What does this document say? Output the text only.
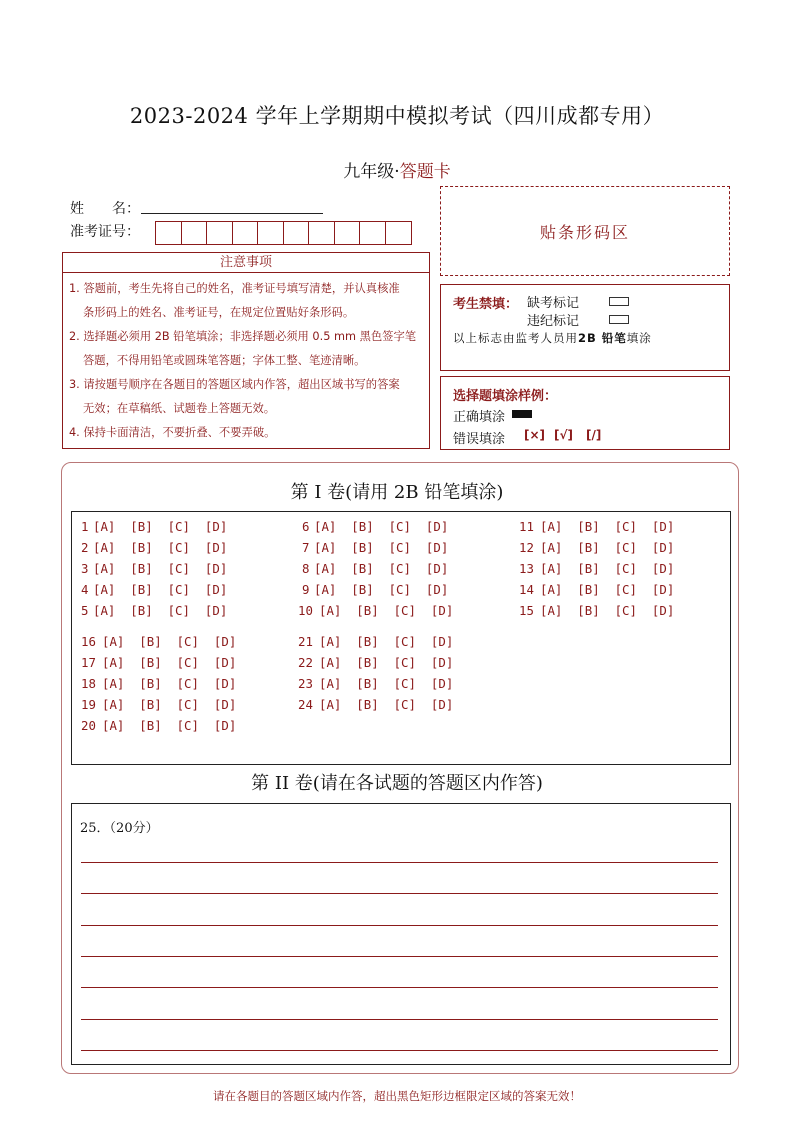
2023-2024 学年上学期期中模拟考试（四川成都专用）
九年级·答题卡
姓　　名：
准考证号：	贴条形码区
注意事项

1. 答题前，考生先将自己的姓名，准考证号填写清楚，并认真核准

条形码上的姓名、准考证号，在规定位置贴好条形码。

2. 选择题必须用 2B 铅笔填涂；非选择题必须用 0.5 mm 黑色签字笔

答题，不得用铅笔或圆珠笔答题；字体工整、笔迹清晰。

3. 请按题号顺序在各题目的答题区域内作答，超出区域书写的答案

无效；在草稿纸、试题卷上答题无效。

4. 保持卡面清洁，不要折叠、不要弄破。

考生禁填： 缺考标记
违纪标记
以上标志由监考人员用2B 铅笔填涂
选择题填涂样例：
正确填涂
错误填涂 [×] [√] [/]
第 I 卷(请用 2B 铅笔填涂)
1 [A]  [B]  [C]  [D]
2 [A]  [B]  [C]  [D]
3 [A]  [B]  [C]  [D]
4 [A]  [B]  [C]  [D]
5 [A]  [B]  [C]  [D]
6 [A]  [B]  [C]  [D]
7 [A]  [B]  [C]  [D]
8 [A]  [B]  [C]  [D]
9 [A]  [B]  [C]  [D]
10 [A]  [B]  [C]  [D]
11 [A]  [B]  [C]  [D]
12 [A]  [B]  [C]  [D]
13 [A]  [B]  [C]  [D]
14 [A]  [B]  [C]  [D]
15 [A]  [B]  [C]  [D]
16 [A]  [B]  [C]  [D]
17 [A]  [B]  [C]  [D]
18 [A]  [B]  [C]  [D]
19 [A]  [B]  [C]  [D]
20 [A]  [B]  [C]  [D]
21 [A]  [B]  [C]  [D]
22 [A]  [B]  [C]  [D]
23 [A]  [B]  [C]  [D]
24 [A]  [B]  [C]  [D]
第 II 卷(请在各试题的答题区内作答)
25．（20分）
请在各题目的答题区域内作答，超出黑色矩形边框限定区域的答案无效！
